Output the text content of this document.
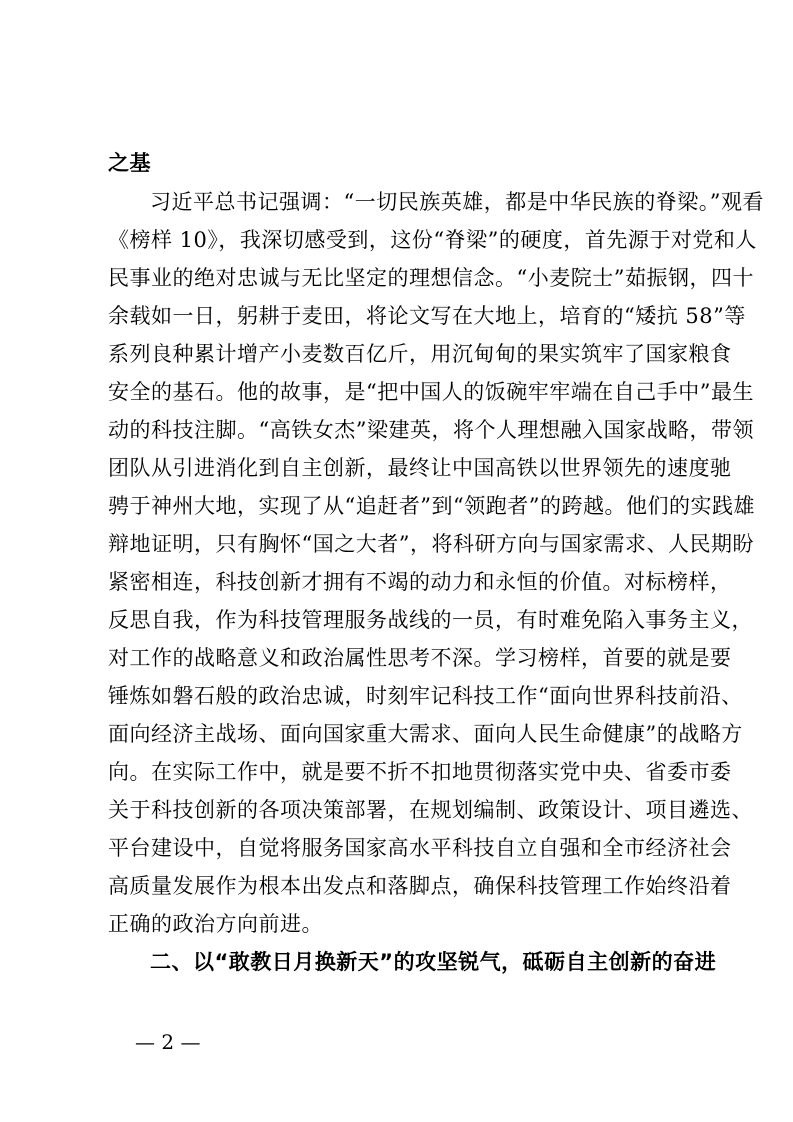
之基
习近平总书记强调：“一切民族英雄，都是中华民族的脊梁。”观看
《榜样 10》，我深切感受到，这份“脊梁”的硬度，首先源于对党和人
民事业的绝对忠诚与无比坚定的理想信念。“小麦院士”茹振钢，四十
余载如一日，躬耕于麦田，将论文写在大地上，培育的“矮抗 58”等
系列良种累计增产小麦数百亿斤，用沉甸甸的果实筑牢了国家粮食
安全的基石。他的故事，是“把中国人的饭碗牢牢端在自己手中”最生
动的科技注脚。“高铁女杰”梁建英，将个人理想融入国家战略，带领
团队从引进消化到自主创新，最终让中国高铁以世界领先的速度驰
骋于神州大地，实现了从“追赶者”到“领跑者”的跨越。他们的实践雄
辩地证明，只有胸怀“国之大者”，将科研方向与国家需求、人民期盼
紧密相连，科技创新才拥有不竭的动力和永恒的价值。对标榜样，
反思自我，作为科技管理服务战线的一员，有时难免陷入事务主义，
对工作的战略意义和政治属性思考不深。学习榜样，首要的就是要
锤炼如磐石般的政治忠诚，时刻牢记科技工作“面向世界科技前沿、
面向经济主战场、面向国家重大需求、面向人民生命健康”的战略方
向。在实际工作中，就是要不折不扣地贯彻落实党中央、省委市委
关于科技创新的各项决策部署，在规划编制、政策设计、项目遴选、
平台建设中，自觉将服务国家高水平科技自立自强和全市经济社会
高质量发展作为根本出发点和落脚点，确保科技管理工作始终沿着
正确的政治方向前进。
二、以“敢教日月换新天”的攻坚锐气，砥砺自主创新的奋进
— 2 —
